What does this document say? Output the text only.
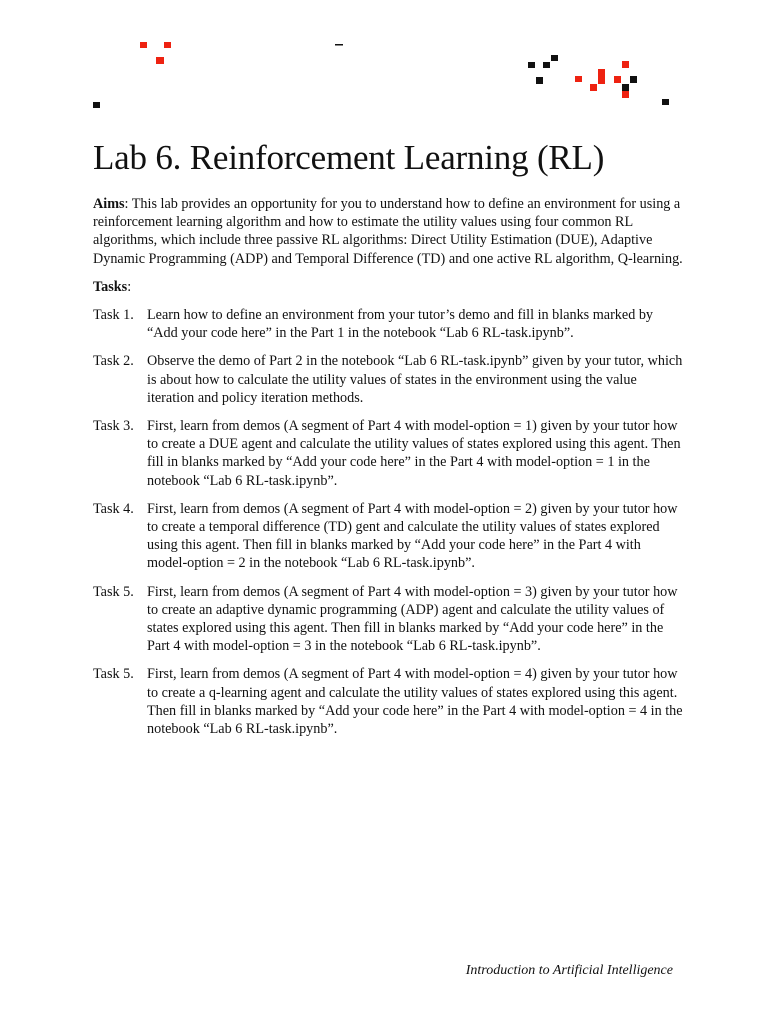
Lab 6. Reinforcement Learning (RL)

Aims: This lab provides an opportunity for you to understand how to define an environment for using a reinforcement learning algorithm and how to estimate the utility values using four common RL algorithms, which include three passive RL algorithms: Direct Utility Estimation (DUE), Adaptive Dynamic Programming (ADP) and Temporal Difference (TD) and one active RL algorithm, Q-learning.

Tasks:

Task 1. Learn how to define an environment from your tutor’s demo and fill in blanks marked by “Add your code here” in the Part 1 in the notebook “Lab 6 RL-task.ipynb”.
Task 2. Observe the demo of Part 2 in the notebook “Lab 6 RL-task.ipynb” given by your tutor, which is about how to calculate the utility values of states in the environment using the value iteration and policy iteration methods.
Task 3. First, learn from demos (A segment of Part 4 with model-option = 1) given by your tutor how to create a DUE agent and calculate the utility values of states explored using this agent. Then fill in blanks marked by “Add your code here” in the Part 4 with model-option = 1 in the notebook “Lab 6 RL-task.ipynb”.
Task 4. First, learn from demos (A segment of Part 4 with model-option = 2) given by your tutor how to create a temporal difference (TD) gent and calculate the utility values of states explored using this agent. Then fill in blanks marked by “Add your code here” in the Part 4 with model-option = 2 in the notebook “Lab 6 RL-task.ipynb”.
Task 5. First, learn from demos (A segment of Part 4 with model-option = 3) given by your tutor how to create an adaptive dynamic programming (ADP) agent and calculate the utility values of states explored using this agent. Then fill in blanks marked by “Add your code here” in the Part 4 with model-option = 3 in the notebook “Lab 6 RL-task.ipynb”.
Task 5. First, learn from demos (A segment of Part 4 with model-option = 4) given by your tutor how to create a q-learning agent and calculate the utility values of states explored using this agent. Then fill in blanks marked by “Add your code here” in the Part 4 with model-option = 4 in the notebook “Lab 6 RL-task.ipynb”.
Introduction to Artificial Intelligence
